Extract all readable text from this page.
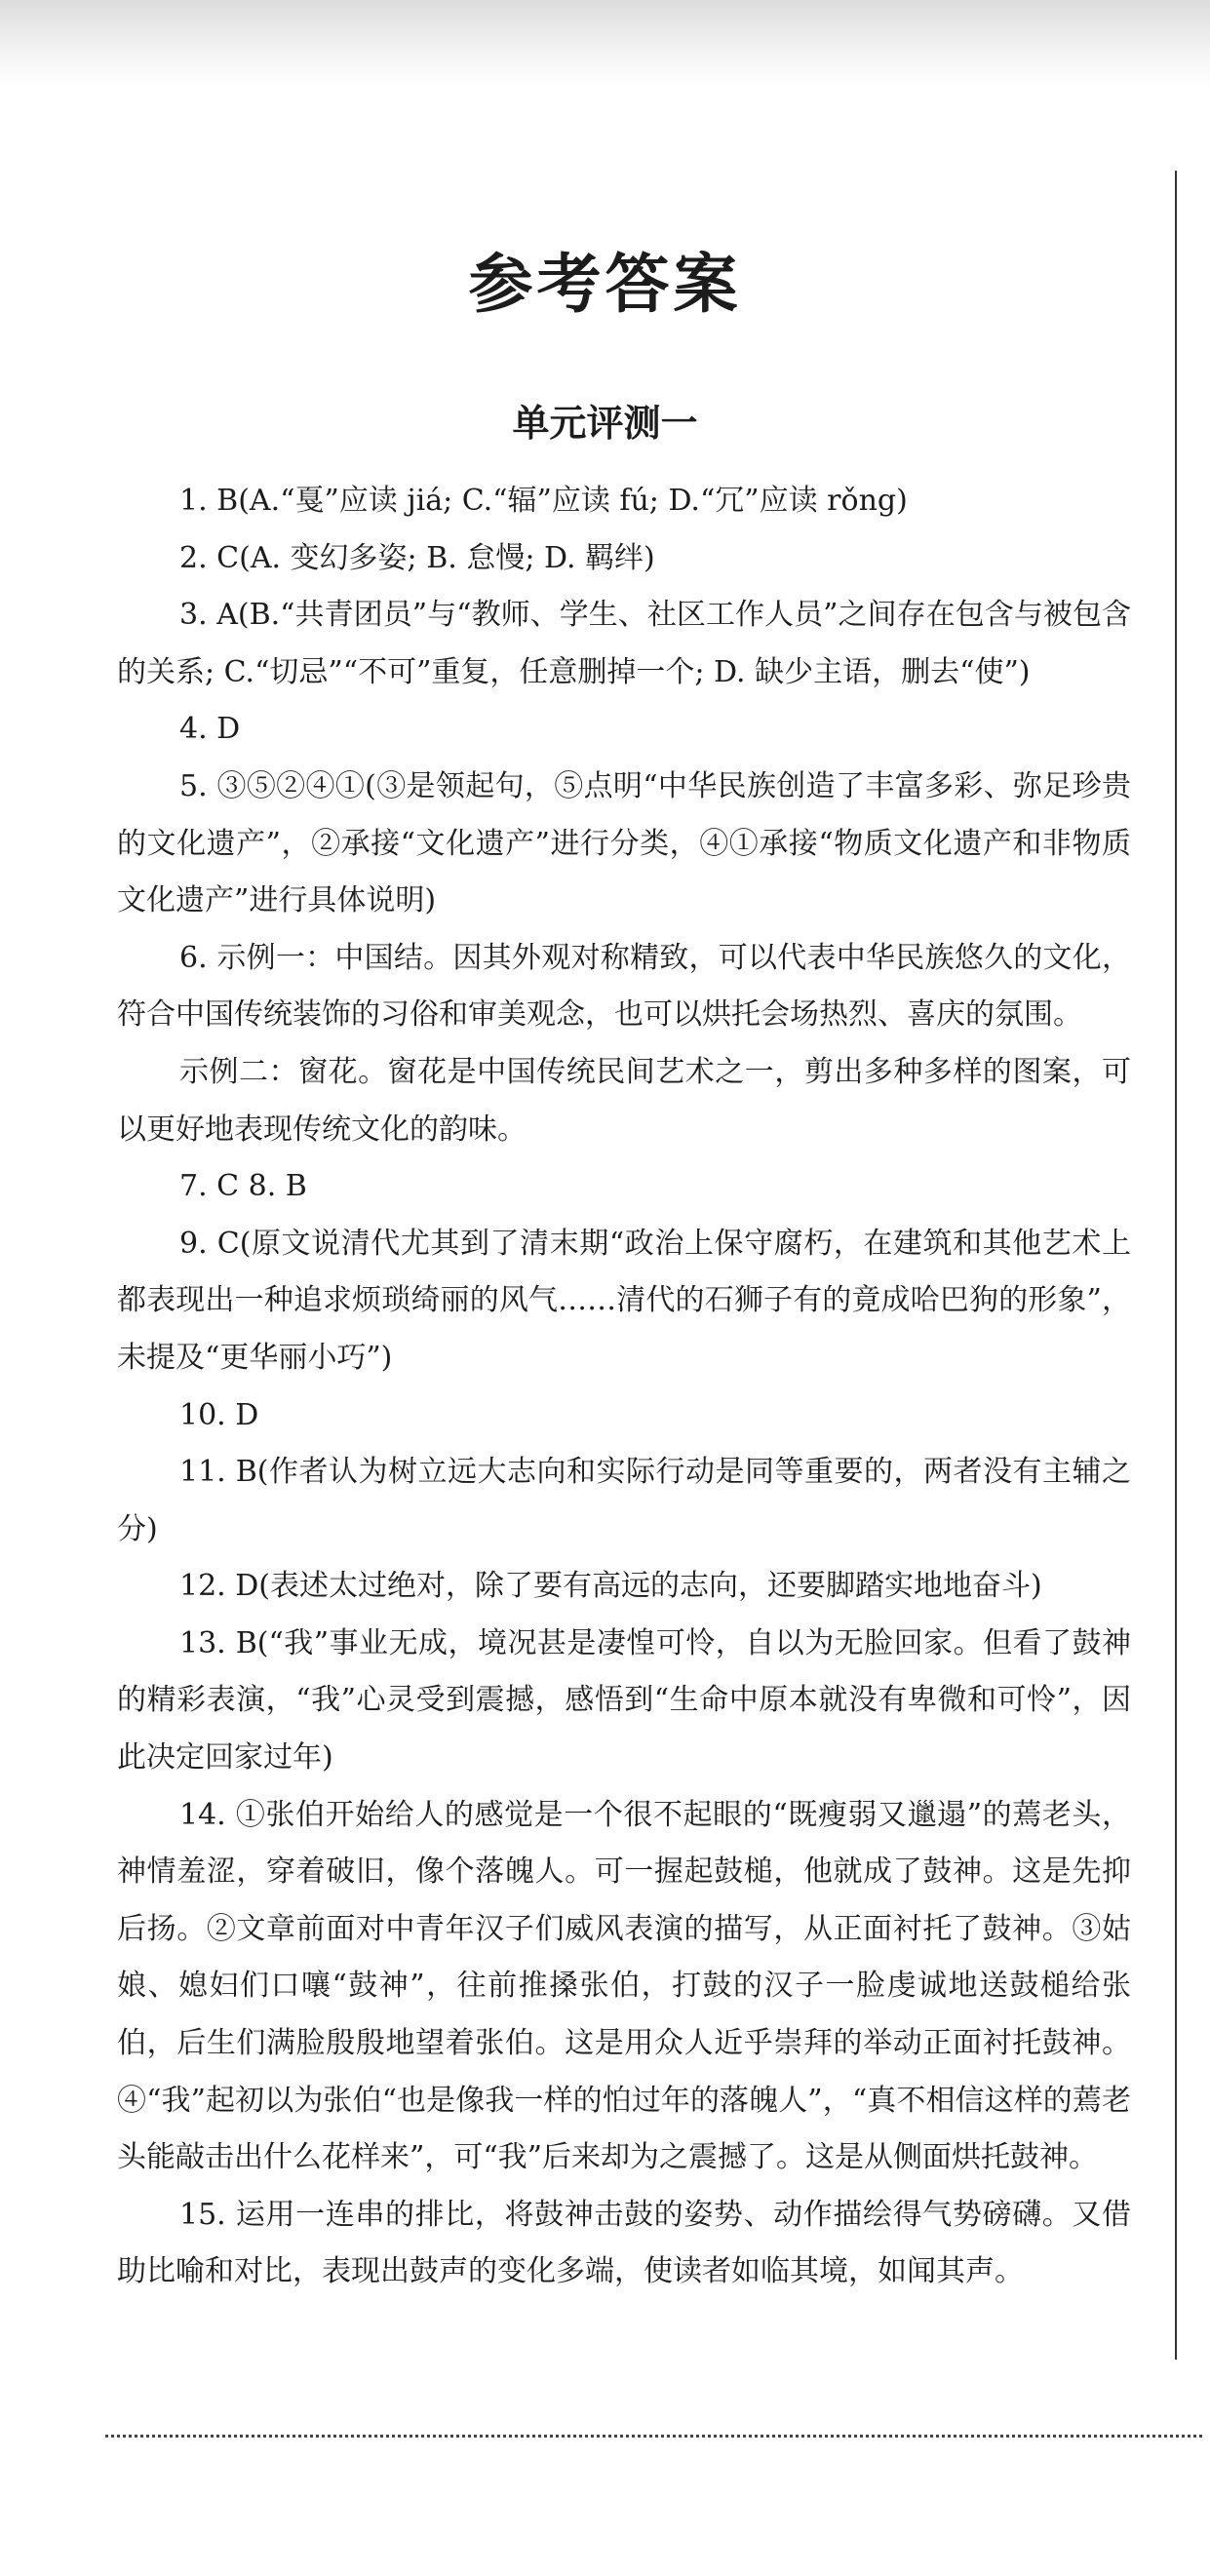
参考答案
单元评测一

1. B(A.“戛”应读 jiá; C.“辐”应读 fú; D.“冗”应读 rǒng)

2. C(A. 变幻多姿; B. 怠慢; D. 羁绊)

3. A(B.“共青团员”与“教师、学生、社区工作人员”之间存在包含与被包含的关系; C.“切忌”“不可”重复，任意删掉一个; D. 缺少主语，删去“使”)

4. D

5. ③⑤②④①(③是领起句，⑤点明“中华民族创造了丰富多彩、弥足珍贵的文化遗产”，②承接“文化遗产”进行分类，④①承接“物质文化遗产和非物质文化遗产”进行具体说明)

6. 示例一：中国结。因其外观对称精致，可以代表中华民族悠久的文化，符合中国传统装饰的习俗和审美观念，也可以烘托会场热烈、喜庆的氛围。

示例二：窗花。窗花是中国传统民间艺术之一，剪出多种多样的图案，可以更好地表现传统文化的韵味。

7. C 8. B

9. C(原文说清代尤其到了清末期“政治上保守腐朽，在建筑和其他艺术上都表现出一种追求烦琐绮丽的风气……清代的石狮子有的竟成哈巴狗的形象”，未提及“更华丽小巧”)

10. D

11. B(作者认为树立远大志向和实际行动是同等重要的，两者没有主辅之分)

12. D(表述太过绝对，除了要有高远的志向，还要脚踏实地地奋斗)

13. B(“我”事业无成，境况甚是凄惶可怜，自以为无脸回家。但看了鼓神的精彩表演，“我”心灵受到震撼，感悟到“生命中原本就没有卑微和可怜”，因此决定回家过年)

14. ①张伯开始给人的感觉是一个很不起眼的“既瘦弱又邋遢”的蔫老头，神情羞涩，穿着破旧，像个落魄人。可一握起鼓槌，他就成了鼓神。这是先抑后扬。②文章前面对中青年汉子们威风表演的描写，从正面衬托了鼓神。③姑娘、媳妇们口嚷“鼓神”，往前推搡张伯，打鼓的汉子一脸虔诚地送鼓槌给张伯，后生们满脸殷殷地望着张伯。这是用众人近乎崇拜的举动正面衬托鼓神。④“我”起初以为张伯“也是像我一样的怕过年的落魄人”，“真不相信这样的蔫老头能敲击出什么花样来”，可“我”后来却为之震撼了。这是从侧面烘托鼓神。

15. 运用一连串的排比，将鼓神击鼓的姿势、动作描绘得气势磅礴。又借助比喻和对比，表现出鼓声的变化多端，使读者如临其境，如闻其声。
